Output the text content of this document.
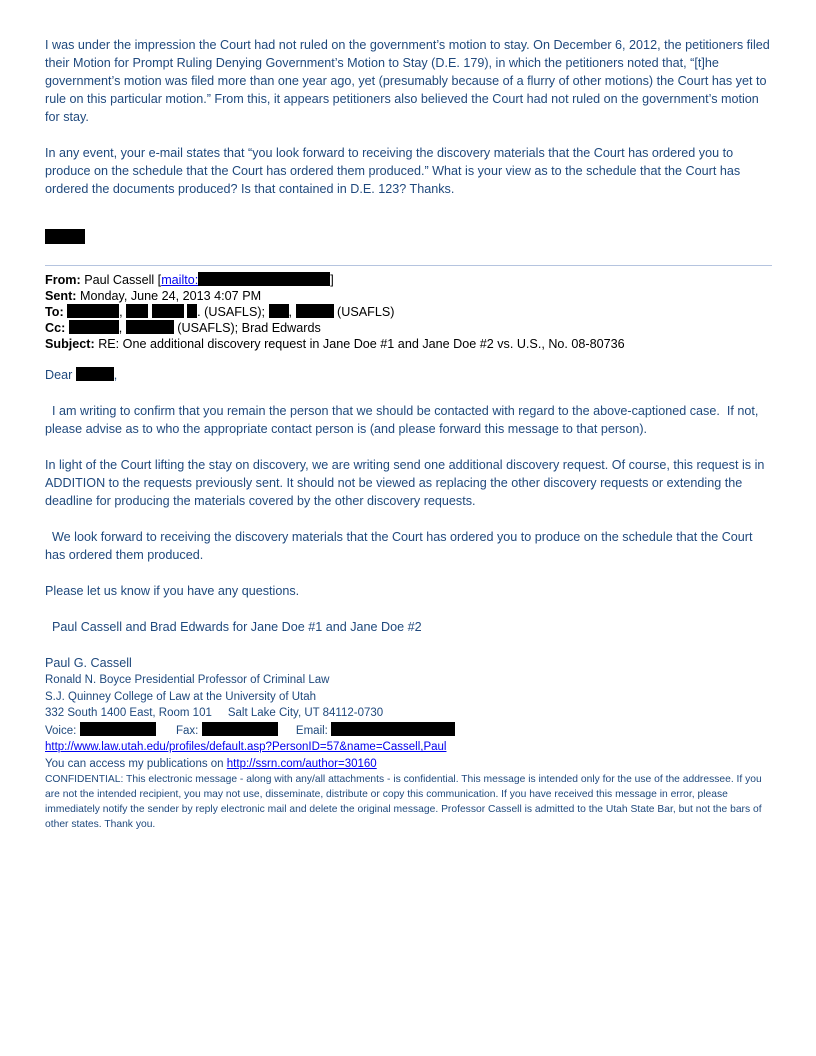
I was under the impression the Court had not ruled on the government’s motion to stay. On December 6, 2012, the petitioners filed their Motion for Prompt Ruling Denying Government’s Motion to Stay (D.E. 179), in which the petitioners noted that, “[t]he government’s motion was filed more than one year ago, yet (presumably because of a flurry of other motions) the Court has yet to rule on this particular motion.” From this, it appears petitioners also believed the Court had not ruled on the government’s motion for stay.

In any event, your e-mail states that “you look forward to receiving the discovery materials that the Court has ordered you to produce on the schedule that the Court has ordered them produced.” What is your view as to the schedule that the Court has ordered the documents produced? Is that contained in D.E. 123? Thanks.

From: Paul Cassell [mailto:	]
Sent: Monday, June 24, 2013 4:07 PM
To:	,	. (USAFLS); ,	(USAFLS)
Cc:	,	(USAFLS); Brad Edwards
Subject: RE: One additional discovery request in Jane Doe #1 and Jane Doe #2 vs. U.S., No. 08-80736

Dear	,

I am writing to confirm that you remain the person that we should be contacted with regard to the above-captioned case.  If not, please advise as to who the appropriate contact person is (and please forward this message to that person).

In light of the Court lifting the stay on discovery, we are writing send one additional discovery request. Of course, this request is in ADDITION to the requests previously sent. It should not be viewed as replacing the other discovery requests or extending the deadline for producing the materials covered by the other discovery requests.

We look forward to receiving the discovery materials that the Court has ordered you to produce on the schedule that the Court has ordered them produced.

Please let us know if you have any questions.

Paul Cassell and Brad Edwards for Jane Doe #1 and Jane Doe #2

Paul G. Cassell
Ronald N. Boyce Presidential Professor of Criminal Law
S.J. Quinney College of Law at the University of Utah
332 South 1400 East, Room 101     Salt Lake City, UT 84112-0730
Voice:	Fax:	Email:
http://www.law.utah.edu/profiles/default.asp?PersonID=57&name=Cassell,Paul
You can access my publications on http://ssrn.com/author=30160
CONFIDENTIAL: This electronic message - along with any/all attachments - is confidential. This message is intended only for the use of the addressee. If you are not the intended recipient, you may not use, disseminate, distribute or copy this communication. If you have received this message in error, please immediately notify the sender by reply electronic mail and delete the original message. Professor Cassell is admitted to the Utah State Bar, but not the bars of other states. Thank you.
